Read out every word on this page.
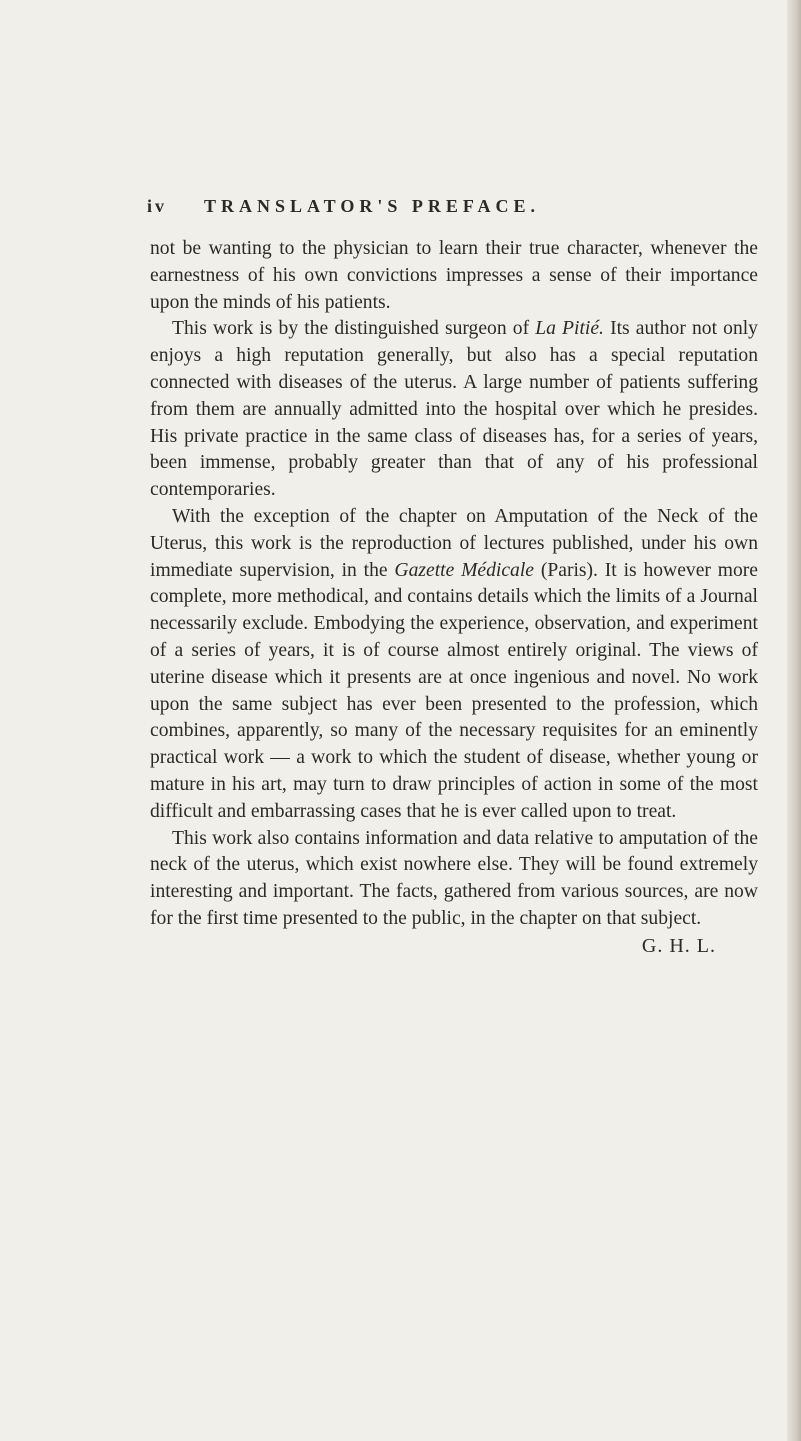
iv TRANSLATOR'S PREFACE.

not be wanting to the physician to learn their true character, whenever the earnestness of his own convictions impresses a sense of their importance upon the minds of his patients.

This work is by the distinguished surgeon of La Pitié. Its author not only enjoys a high reputation generally, but also has a special reputation connected with diseases of the uterus. A large number of patients suffering from them are annually admitted into the hospital over which he presides. His private practice in the same class of diseases has, for a series of years, been immense, probably greater than that of any of his professional contemporaries.

With the exception of the chapter on Amputation of the Neck of the Uterus, this work is the reproduction of lectures published, under his own immediate supervision, in the Gazette Médicale (Paris). It is however more complete, more methodical, and contains details which the limits of a Journal necessarily exclude. Embodying the experience, observation, and experiment of a series of years, it is of course almost entirely original. The views of uterine disease which it presents are at once ingenious and novel. No work upon the same subject has ever been presented to the profession, which combines, apparently, so many of the necessary requisites for an eminently practical work — a work to which the student of disease, whether young or mature in his art, may turn to draw principles of action in some of the most difficult and embarrassing cases that he is ever called upon to treat.

This work also contains information and data relative to amputation of the neck of the uterus, which exist nowhere else. They will be found extremely interesting and important. The facts, gathered from various sources, are now for the first time presented to the public, in the chapter on that subject.

G. H. L.
